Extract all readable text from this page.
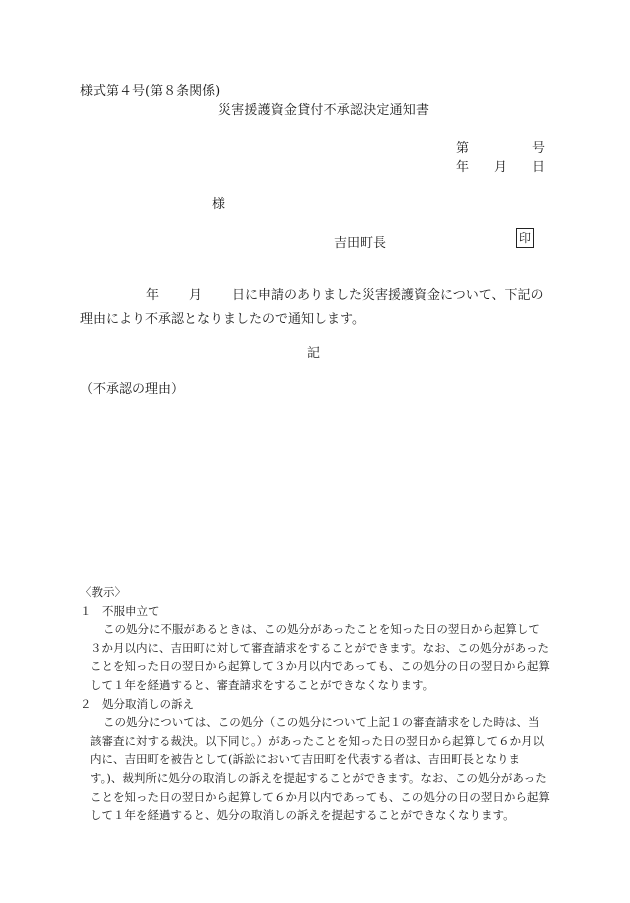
様式第４号(第８条関係)
災害援護資金貸付不承認決定通知書
第	号
年 月 日
様
吉田町長	印
年 月 日に申請のありました災害援護資金について、下記の理由により不承認となりましたので通知します。
記
（不承認の理由）

〈教示〉

１ 不服申立て

この処分に不服があるときは、この処分があったことを知った日の翌日から起算して３か月以内に、吉田町に対して審査請求をすることができます。なお、この処分があったことを知った日の翌日から起算して３か月以内であっても、この処分の日の翌日から起算して１年を経過すると、審査請求をすることができなくなります。

２ 処分取消しの訴え

この処分については、この処分（この処分について上記１の審査請求をした時は、当該審査に対する裁決。以下同じ。）があったことを知った日の翌日から起算して６か月以内に、吉田町を被告として(訴訟において吉田町を代表する者は、吉田町長となります。)、裁判所に処分の取消しの訴えを提起することができます。なお、この処分があったことを知った日の翌日から起算して６か月以内であっても、この処分の日の翌日から起算して１年を経過すると、処分の取消しの訴えを提起することができなくなります。
